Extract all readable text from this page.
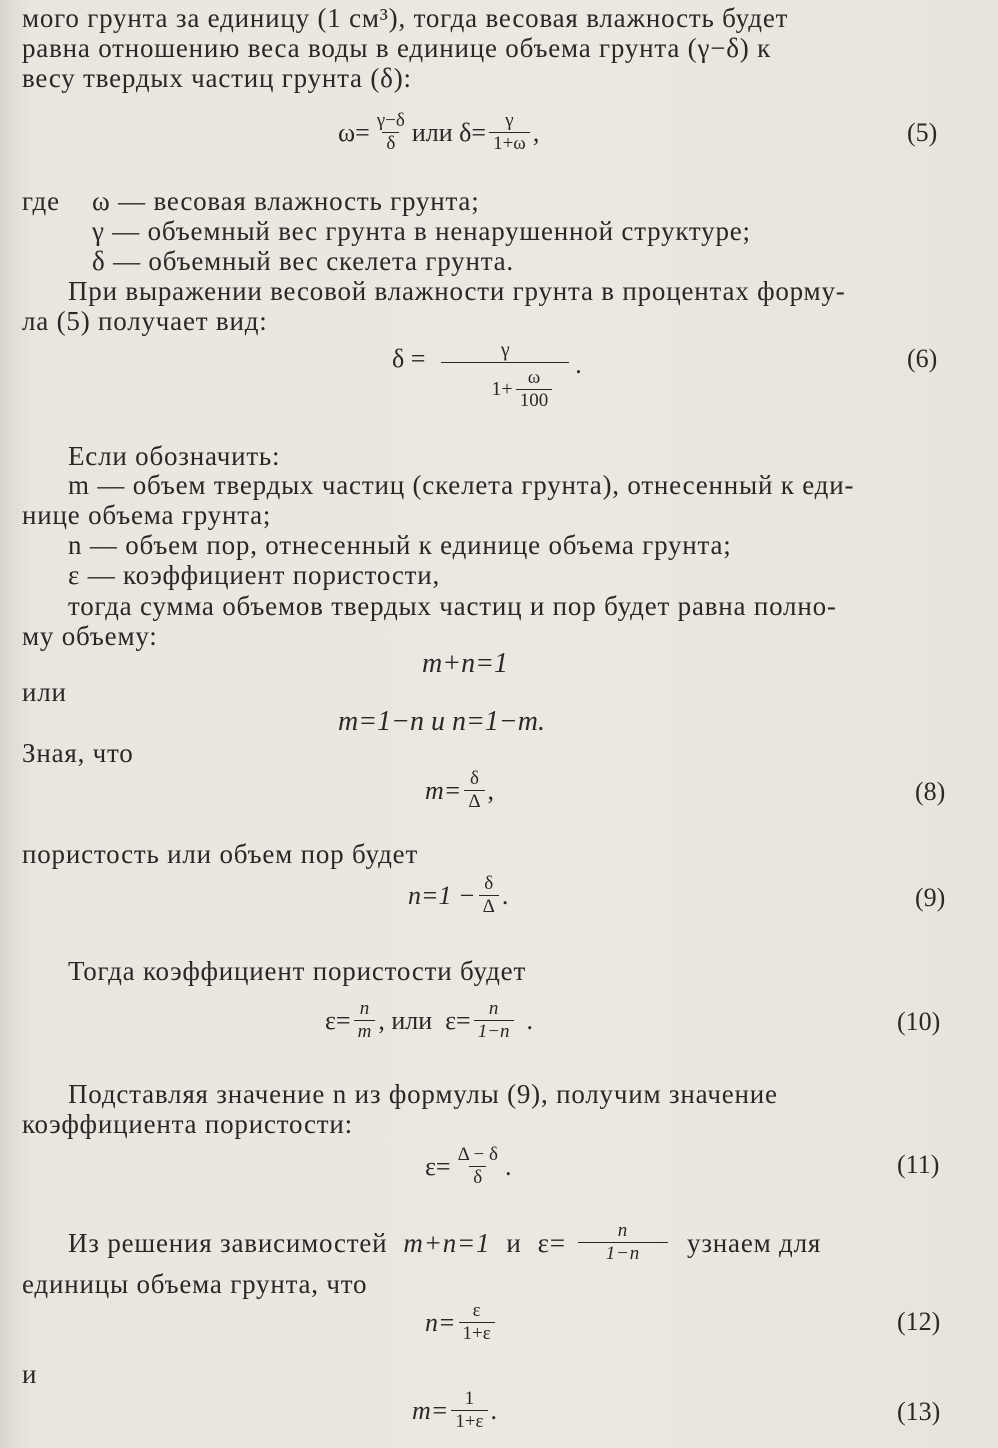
мого грунта за единицу (1 см³), тогда весовая влажность будет
равна отношению веса воды в единице объема грунта (γ−δ) к
весу твердых частиц грунта (δ):
$\omega= \frac{\gamma-\delta}{\delta}$ или
$\delta= \frac{\gamma}{1+\omega}$ ,	(5)
где ω — весовая влажность грунта;
γ — объемный вес грунта в ненарушенной структуре;
δ — объемный вес скелета грунта.
При выражении весовой влажности грунта в процентах форму-
ла (5) получает вид:
$\delta = \frac{\gamma}{1+ \frac{\omega}{100}}$ .	(6)
Если обозначить:
m — объем твердых частиц (скелета грунта), отнесенный к еди-
нице объема грунта;
n — объем пор, отнесенный к единице объема грунта;
ε — коэффициент пористости,
тогда сумма объемов твердых частиц и пор будет равна полно-
му объему:
m+n=1
или
m=1−n и n=1−m.
Зная, что
$m= \frac{\delta}{\Delta}$ ,	(8)
пористость или объем пор будет
$n=1 - \frac{\delta}{\Delta}$ .	(9)
Тогда коэффициент пористости будет
$\varepsilon= \frac{n}{m}$ , или  $\varepsilon= \frac{n}{1-n}$ .	(10)
Подставляя значение n из формулы (9), получим значение
коэффициента пористости:
$\varepsilon= \frac{\Delta - \delta}{\delta}$ .	(11)
Из решения зависимостей m+n=1 и $\varepsilon= \frac{n}{1-n}$ узнаем для
единицы объема грунта, что
$n= \frac{\varepsilon}{1+\varepsilon}$	(12)
и
$m= \frac{1}{1+\varepsilon}$ .	(13)
